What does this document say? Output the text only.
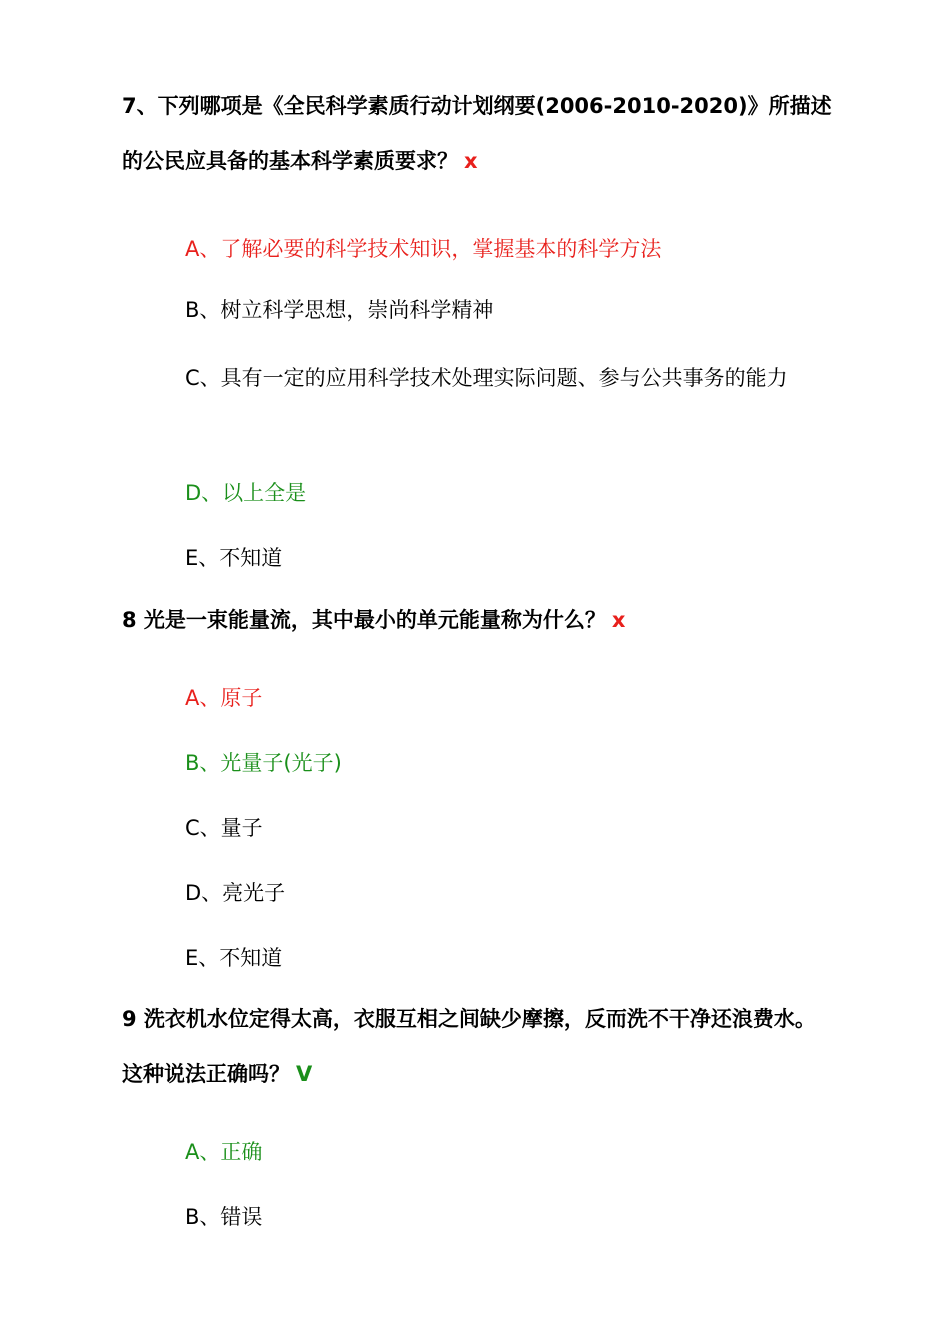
7、下列哪项是《全民科学素质行动计划纲要(2006-2010-2020)》所描述的公民应具备的基本科学素质要求？ x

A、了解必要的科学技术知识，掌握基本的科学方法

B、树立科学思想，崇尚科学精神

C、具有一定的应用科学技术处理实际问题、参与公共事务的能力

D、以上全是

E、不知道

8 光是一束能量流，其中最小的单元能量称为什么？ x

A、原子

B、光量子(光子)

C、量子

D、亮光子

E、不知道

9 洗衣机水位定得太高，衣服互相之间缺少摩擦，反而洗不干净还浪费水。这种说法正确吗？ V

A、正确

B、错误
